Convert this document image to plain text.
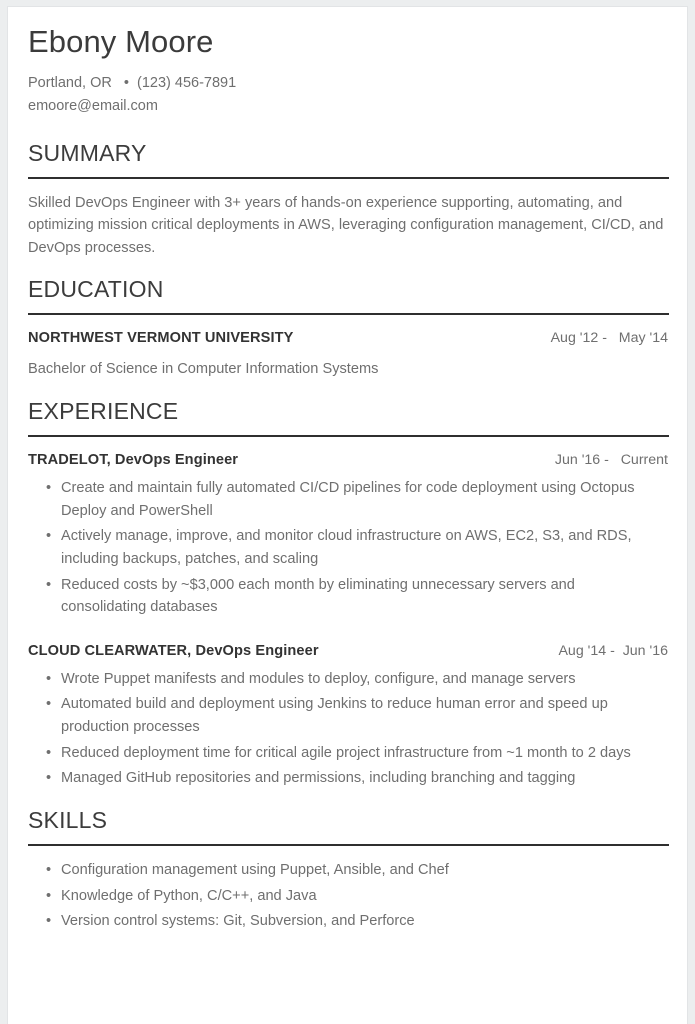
Ebony Moore
Portland, OR   •  (123) 456-7891
emoore@email.com
SUMMARY

Skilled DevOps Engineer with 3+ years of hands-on experience supporting, automating, and optimizing mission critical deployments in AWS, leveraging configuration management, CI/CD, and DevOps processes.

EDUCATION
NORTHWEST VERMONT UNIVERSITY	Aug '12 -   May '14
Bachelor of Science in Computer Information Systems
EXPERIENCE
TRADELOT, DevOps Engineer	Jun '16 -   Current
• Create and maintain fully automated CI/CD pipelines for code deployment using Octopus Deploy and PowerShell
• Actively manage, improve, and monitor cloud infrastructure on AWS, EC2, S3, and RDS, including backups, patches, and scaling
• Reduced costs by ~$3,000 each month by eliminating unnecessary servers and consolidating databases
CLOUD CLEARWATER, DevOps Engineer	Aug '14 -  Jun '16
• Wrote Puppet manifests and modules to deploy, configure, and manage servers
• Automated build and deployment using Jenkins to reduce human error and speed up production processes
• Reduced deployment time for critical agile project infrastructure from ~1 month to 2 days
• Managed GitHub repositories and permissions, including branching and tagging
SKILLS
• Configuration management using Puppet, Ansible, and Chef
• Knowledge of Python, C/C++, and Java
• Version control systems: Git, Subversion, and Perforce
